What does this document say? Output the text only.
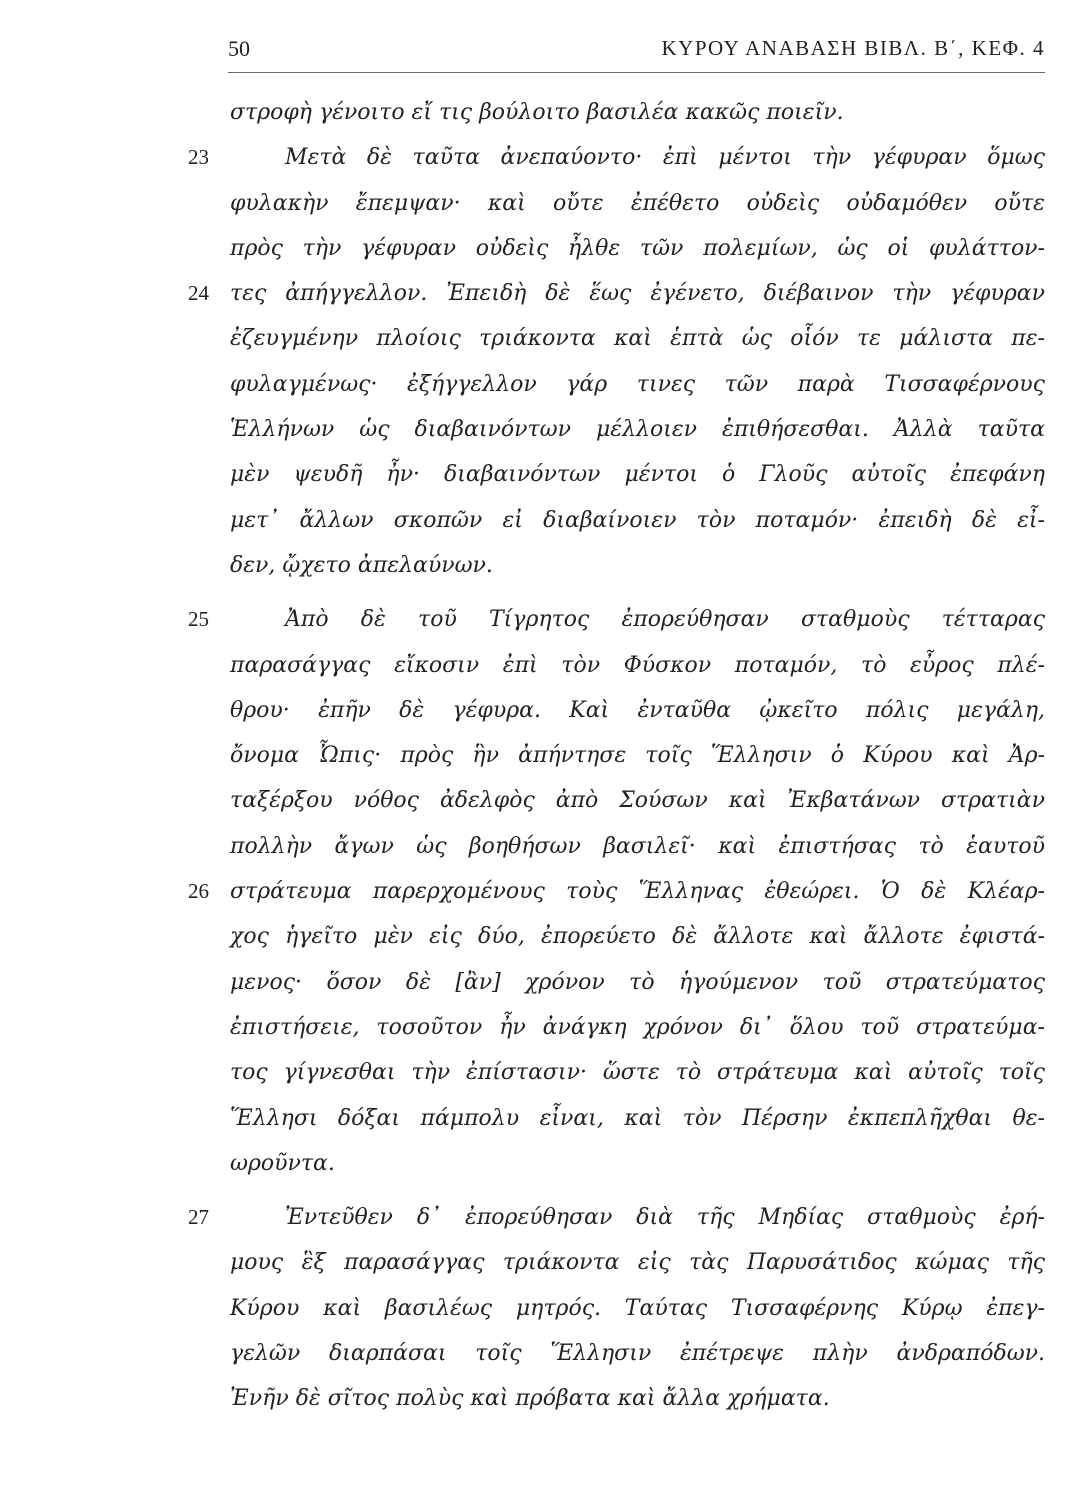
50	ΚΥΡΟΥ ΑΝΑΒΑΣΗ ΒΙΒΛ. Β΄, ΚΕΦ. 4
στροφὴ γένοιτο εἴ τις βούλοιτο βασιλέα κακῶς ποιεῖν.
23	Μετὰ δὲ ταῦτα ἀνεπαύοντο· ἐπὶ μέντοι τὴν γέφυραν ὅμως
φυλακὴν ἔπεμψαν· καὶ οὔτε ἐπέθετο οὐδεὶς οὐδαμόθεν οὔτε
πρὸς τὴν γέφυραν οὐδεὶς ἦλθε τῶν πολεμίων, ὡς οἱ φυλάττον-
24 τες ἀπήγγελλον. Ἐπειδὴ δὲ ἕως ἐγένετο, διέβαινον τὴν γέφυραν
ἐζευγμένην πλοίοις τριάκοντα καὶ ἑπτὰ ὡς οἷόν τε μάλιστα πε-
φυλαγμένως· ἐξήγγελλον γάρ τινες τῶν παρὰ Τισσαφέρνους
Ἑλλήνων ὡς διαβαινόντων μέλλοιεν ἐπιθήσεσθαι. Ἀλλὰ ταῦτα
μὲν ψευδῆ ἦν· διαβαινόντων μέντοι ὁ Γλοῦς αὐτοῖς ἐπεφάνη
μετ᾽ ἄλλων σκοπῶν εἰ διαβαίνοιεν τὸν ποταμόν· ἐπειδὴ δὲ εἶ-
δεν, ᾤχετο ἀπελαύνων.
25	Ἀπὸ δὲ τοῦ Τίγρητος ἐπορεύθησαν σταθμοὺς τέτταρας
παρασάγγας εἴκοσιν ἐπὶ τὸν Φύσκον ποταμόν, τὸ εὖρος πλέ-
θρου· ἐπῆν δὲ γέφυρα. Καὶ ἐνταῦθα ᾠκεῖτο πόλις μεγάλη,
ὄνομα Ὦπις· πρὸς ἣν ἀπήντησε τοῖς Ἕλλησιν ὁ Κύρου καὶ Ἀρ-
ταξέρξου νόθος ἀδελφὸς ἀπὸ Σούσων καὶ Ἐκβατάνων στρατιὰν
πολλὴν ἄγων ὡς βοηθήσων βασιλεῖ· καὶ ἐπιστήσας τὸ ἑαυτοῦ
26 στράτευμα παρερχομένους τοὺς Ἕλληνας ἐθεώρει. Ὁ δὲ Κλέαρ-
χος ἡγεῖτο μὲν εἰς δύο, ἐπορεύετο δὲ ἄλλοτε καὶ ἄλλοτε ἐφιστά-
μενος· ὅσον δὲ [ἂν] χρόνον τὸ ἡγούμενον τοῦ στρατεύματος
ἐπιστήσειε, τοσοῦτον ἦν ἀνάγκη χρόνον δι᾽ ὅλου τοῦ στρατεύμα-
τος γίγνεσθαι τὴν ἐπίστασιν· ὥστε τὸ στράτευμα καὶ αὐτοῖς τοῖς
Ἕλλησι δόξαι πάμπολυ εἶναι, καὶ τὸν Πέρσην ἐκπεπλῆχθαι θε-
ωροῦντα.
27	Ἐντεῦθεν δ᾽ ἐπορεύθησαν διὰ τῆς Μηδίας σταθμοὺς ἐρή-
μους ἓξ παρασάγγας τριάκοντα εἰς τὰς Παρυσάτιδος κώμας τῆς
Κύρου καὶ βασιλέως μητρός. Ταύτας Τισσαφέρνης Κύρῳ ἐπεγ-
γελῶν διαρπάσαι τοῖς Ἕλλησιν ἐπέτρεψε πλὴν ἀνδραπόδων.
Ἐνῆν δὲ σῖτος πολὺς καὶ πρόβατα καὶ ἄλλα χρήματα.
